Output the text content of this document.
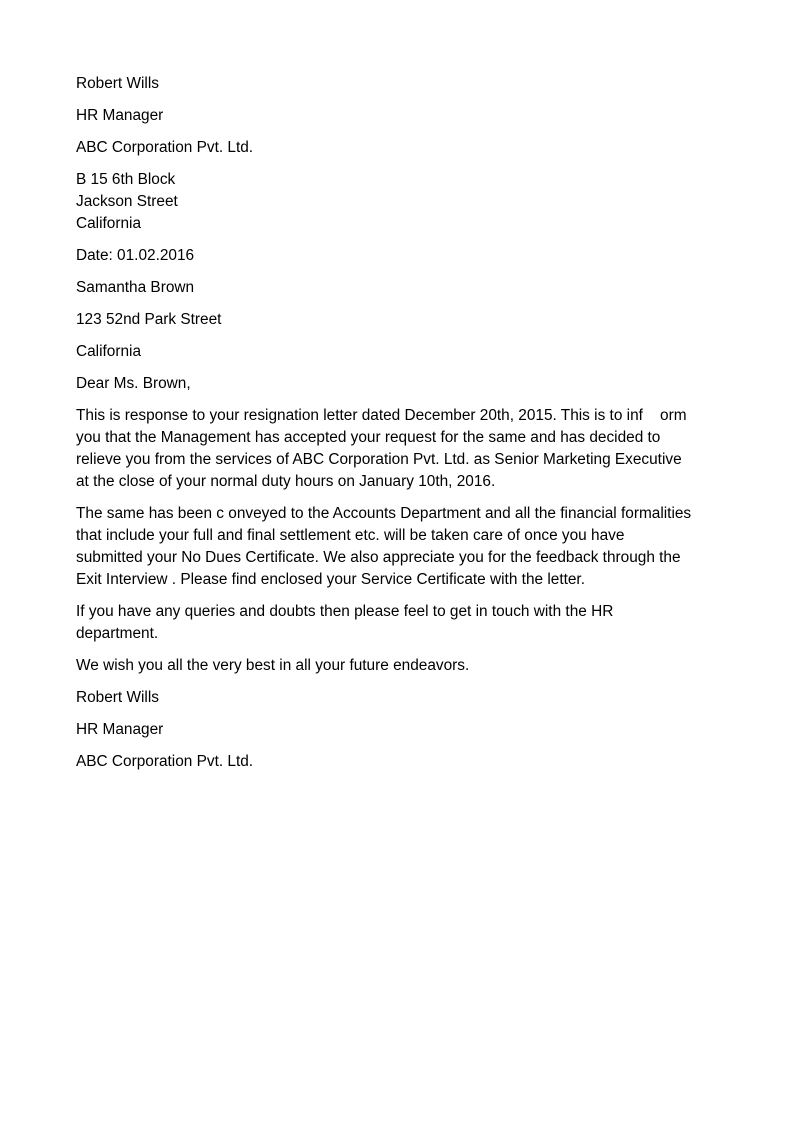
Robert Wills
HR Manager
ABC Corporation Pvt. Ltd.
B 15 6th Block
Jackson Street
California
Date: 01.02.2016
Samantha Brown
123 52nd Park Street
California
Dear Ms. Brown,
This is response to your resignation letter dated December 20th, 2015. This is to inf    orm
you that the Management has accepted your request for the same and has decided to
relieve you from the services of ABC Corporation Pvt. Ltd. as Senior Marketing Executive
at the close of your normal duty hours on January 10th, 2016.
The same has been c onveyed to the Accounts Department and all the financial formalities
that include your full and final settlement etc. will be taken care of once you have
submitted your No Dues Certificate. We also appreciate you for the feedback through the
Exit Interview . Please find enclosed your Service Certificate with the letter.
If you have any queries and doubts then please feel to get in touch with the HR
department.
We wish you all the very best in all your future endeavors.
Robert Wills
HR Manager
ABC Corporation Pvt. Ltd.
